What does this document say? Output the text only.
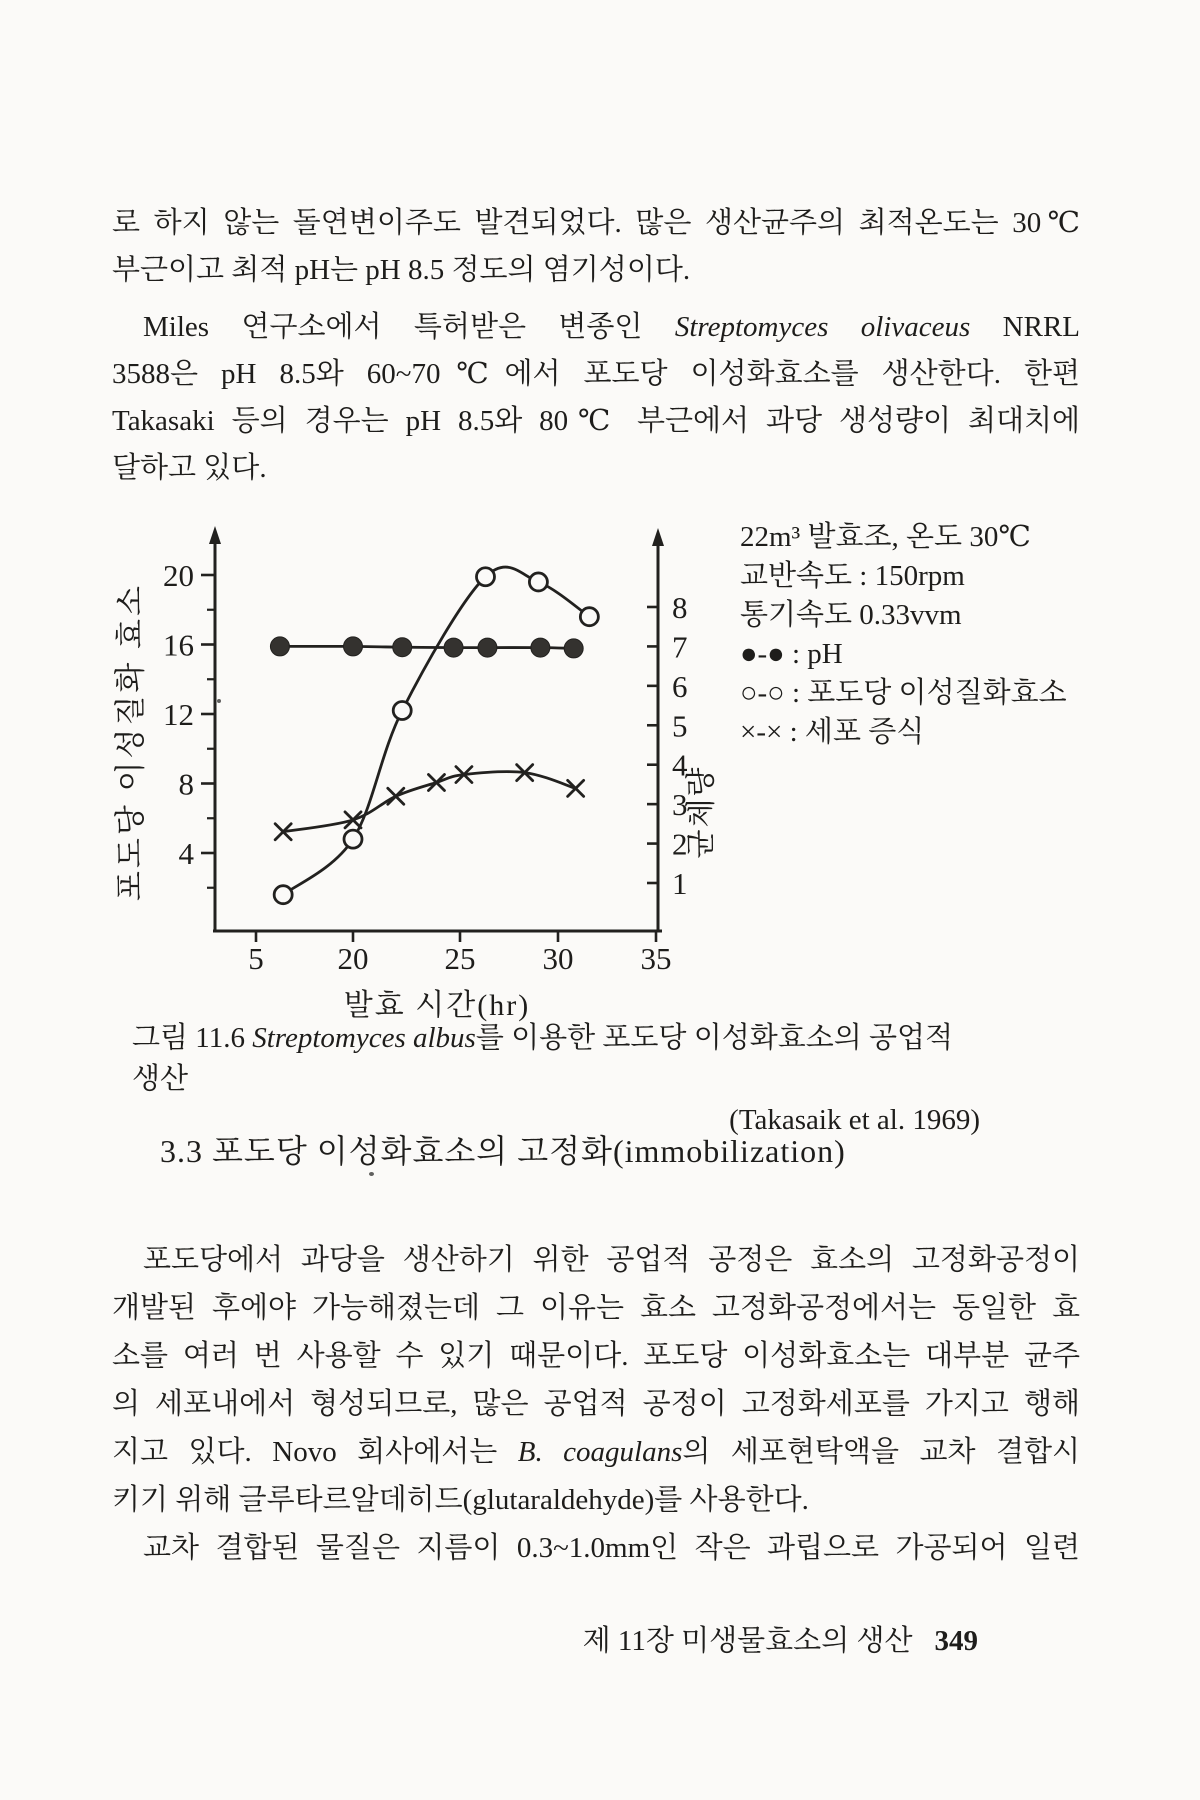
로 하지 않는 돌연변이주도 발견되었다. 많은 생산균주의 최적온도는 30℃
부근이고 최적 pH는 pH 8.5 정도의 염기성이다.
Miles 연구소에서 특허받은 변종인 Streptomyces olivaceus NRRL
3588은 pH 8.5와 60~70℃에서 포도당 이성화효소를 생산한다. 한편
Takasaki 등의 경우는 pH 8.5와 80℃ 부근에서 과당 생성량이 최대치에
달하고 있다.
5 20 25 30 35
4
8
12
16
20
1
2
3
4
5
6
7
8
포도당 이성질화 효소	균체량
발효 시간(hr)
22m³ 발효조, 온도 30℃
교반속도 : 150rpm
통기속도 0.33vvm
●-● : pH
○-○ : 포도당 이성질화효소
×-× : 세포 증식
그림 11.6 Streptomyces albus를 이용한 포도당 이성화효소의 공업적 생산
(Takasaik et al. 1969)
3.3 포도당 이성화효소의 고정화(immobilization)
포도당에서 과당을 생산하기 위한 공업적 공정은 효소의 고정화공정이
개발된 후에야 가능해졌는데 그 이유는 효소 고정화공정에서는 동일한 효
소를 여러 번 사용할 수 있기 때문이다. 포도당 이성화효소는 대부분 균주
의 세포내에서 형성되므로, 많은 공업적 공정이 고정화세포를 가지고 행해
지고 있다. Novo 회사에서는 B. coagulans의 세포현탁액을 교차 결합시
키기 위해 글루타르알데히드(glutaraldehyde)를 사용한다.
교차 결합된 물질은 지름이 0.3~1.0mm인 작은 과립으로 가공되어 일련
제 11장 미생물효소의 생산 349
